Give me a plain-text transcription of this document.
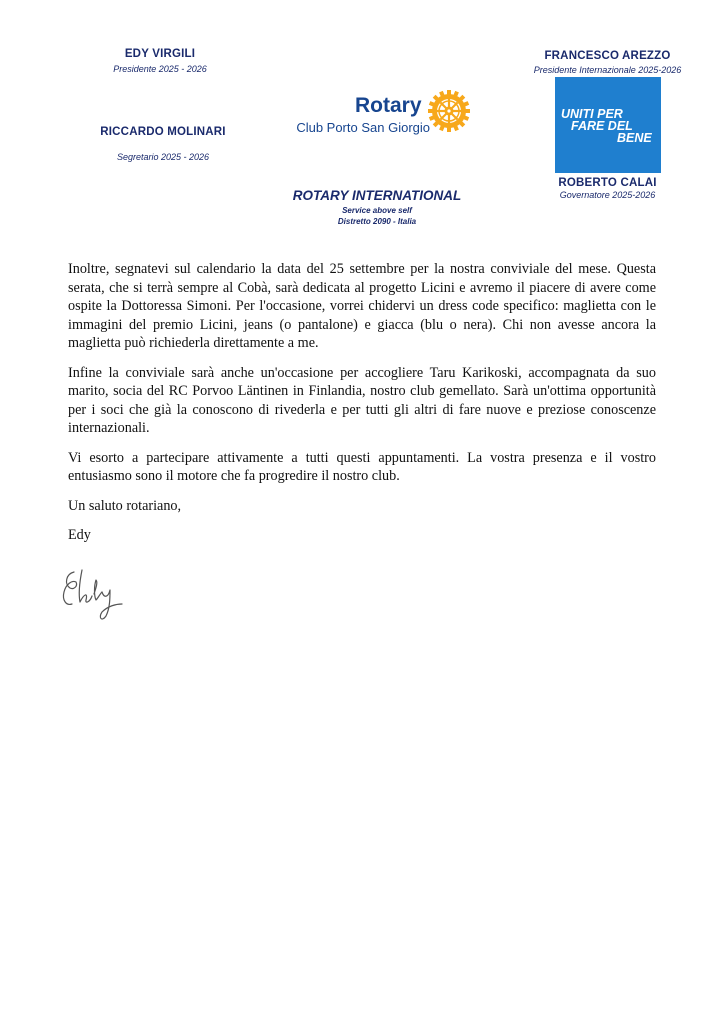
EDY VIRGILI
Presidente 2025 - 2026
RICCARDO MOLINARI
Segretario 2025 - 2026
FRANCESCO AREZZO
Presidente Internazionale 2025-2026
ROBERTO CALAI
Governatore 2025-2026
Rotary
Club Porto San Giorgio
UNITI PER
FARE DEL
BENE
ROTARY INTERNATIONAL
Service above self
Distretto 2090 - Italia

Inoltre, segnatevi sul calendario la data del 25 settembre per la nostra conviviale del mese. Questa serata, che si terrà sempre al Cobà, sarà dedicata al progetto Licini e avremo il piacere di avere come ospite la Dottoressa Simoni. Per l'occasione, vorrei chidervi un dress code specifico: maglietta con le immagini del premio Licini, jeans (o pantalone) e giacca (blu o nera). Chi non avesse ancora la maglietta può richiederla direttamente a me.

Infine la conviviale sarà anche un'occasione per accogliere Taru Karikoski, accompagnata da suo marito, socia del RC Porvoo Läntinen in Finlandia, nostro club gemellato. Sarà un'ottima opportunità per i soci che già la conoscono di rivederla e per tutti gli altri di fare nuove e preziose conoscenze internazionali.

Vi esorto a partecipare attivamente a tutti questi appuntamenti. La vostra presenza e il vostro entusiasmo sono il motore che fa progredire il nostro club.

Un saluto rotariano,

Edy
